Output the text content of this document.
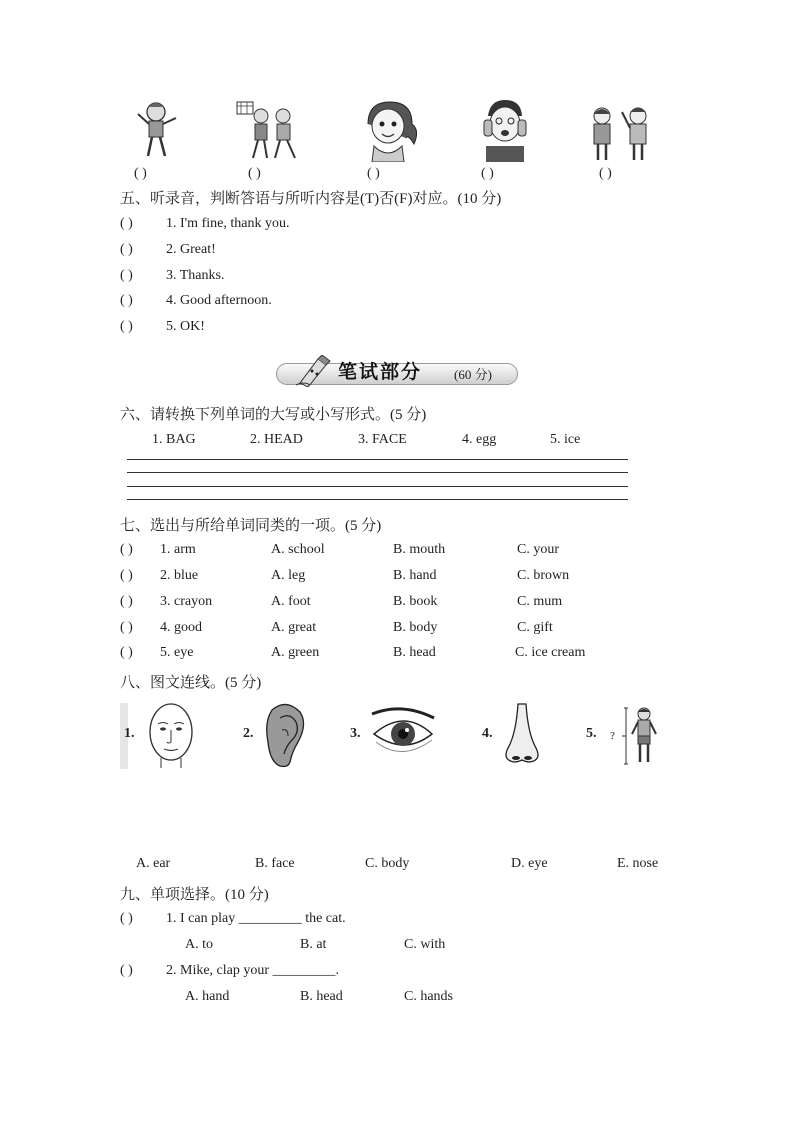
( )	( )	( )	( )	( )
五、听录音，判断答语与所听内容是(T)否(F)对应。(10 分)
( ) 1. I'm fine, thank you.
( ) 2. Great!
( ) 3. Thanks.
( ) 4. Good afternoon.
( ) 5. OK!
笔试部分 (60 分)
六、请转换下列单词的大写或小写形式。(5 分)
1. BAG	2. HEAD	3. FACE	4. egg	5. ice
七、选出与所给单词同类的一项。(5 分)
( ) 1. arm	A. school	B. mouth	C. your
( ) 2. blue	A. leg	B. hand	C. brown
( ) 3. crayon	A. foot	B. book	C. mum
( ) 4. good	A. great	B. body	C. gift
( ) 5. eye	A. green	B. head	C. ice cream
八、图文连线。(5 分)
1.	2.	3.	4.	5. ?
A. ear	B. face	C. body	D. eye	E. nose
九、单项选择。(10 分)
( ) 1. I can play _________ the cat.
A. to	B. at	C. with
( ) 2. Mike, clap your _________.
A. hand	B. head	C. hands
